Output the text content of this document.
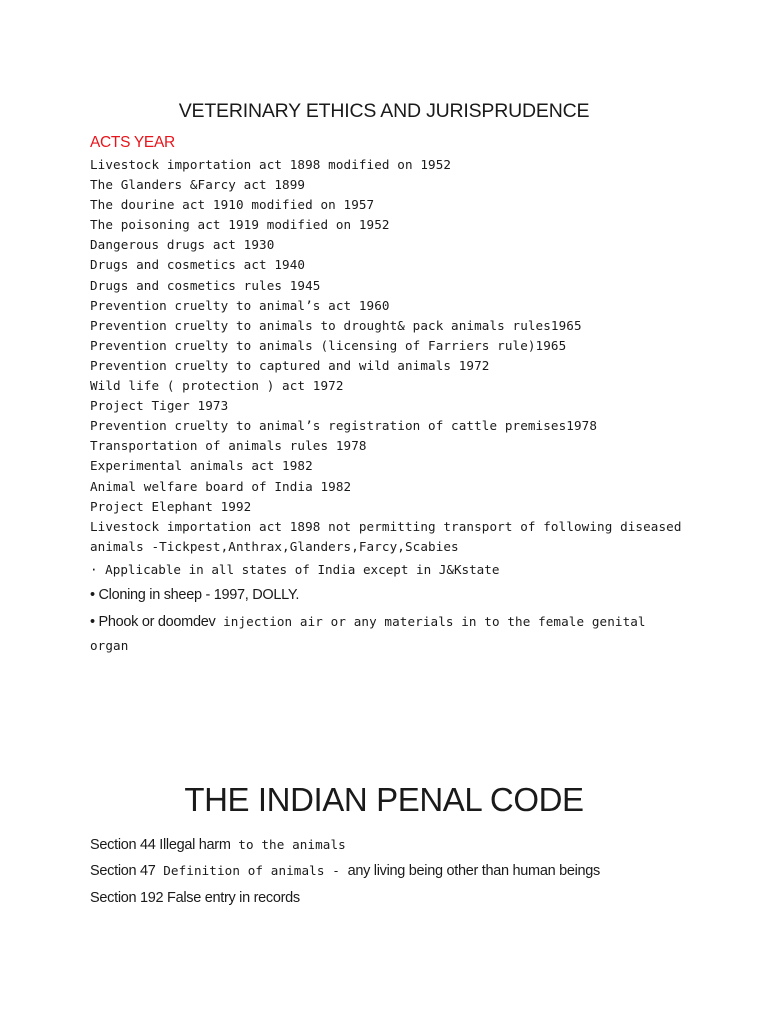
VETERINARY ETHICS AND JURISPRUDENCE
ACTS YEAR
Livestock importation act 1898 modified on 1952
The Glanders &Farcy act 1899
The dourine act 1910 modified on 1957
The poisoning act 1919 modified on 1952
Dangerous drugs act 1930
Drugs and cosmetics act 1940
Drugs and cosmetics rules 1945
Prevention cruelty to animal’s act 1960
Prevention cruelty to animals to drought& pack animals rules1965
Prevention cruelty to animals (licensing of Farriers rule)1965
Prevention cruelty to captured and wild animals 1972
Wild life ( protection ) act 1972
Project Tiger 1973
Prevention cruelty to animal’s registration of cattle premises1978
Transportation of animals rules 1978
Experimental animals act 1982
Animal welfare board of India 1982
Project Elephant 1992
Livestock importation act 1898 not permitting transport of following diseased
animals -Tickpest,Anthrax,Glanders,Farcy,Scabies
· Applicable in all states of India except in J&Kstate
• Cloning in sheep - 1997, DOLLY.
• Phook or doomdev injection air or any materials in to the female genital
organ
THE INDIAN PENAL CODE
Section 44 Illegal harm to the animals
Section 47 Definition of animals - any living being other than human beings
Section 192 False entry in records
